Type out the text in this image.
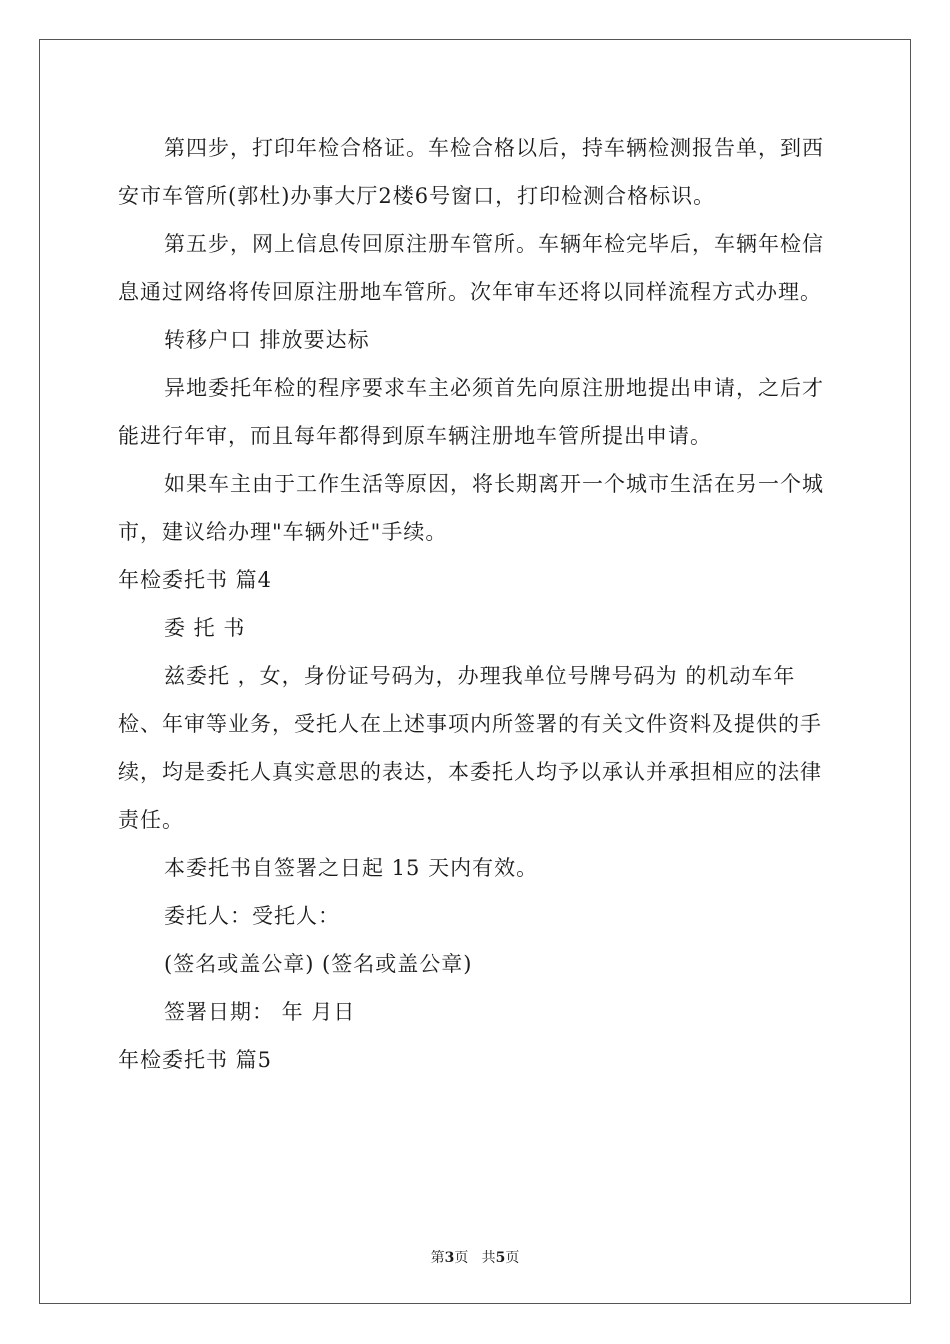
第四步，打印年检合格证。车检合格以后，持车辆检测报告单，到西安市车管所(郭杜)办事大厅2楼6号窗口，打印检测合格标识。

第五步，网上信息传回原注册车管所。车辆年检完毕后，车辆年检信息通过网络将传回原注册地车管所。次年审车还将以同样流程方式办理。

转移户口 排放要达标

异地委托年检的程序要求车主必须首先向原注册地提出申请，之后才能进行年审，而且每年都得到原车辆注册地车管所提出申请。

如果车主由于工作生活等原因，将长期离开一个城市生活在另一个城市，建议给办理"车辆外迁"手续。

年检委托书 篇4

委 托 书

兹委托 ，女，身份证号码为，办理我单位号牌号码为 的机动车年检、年审等业务，受托人在上述事项内所签署的有关文件资料及提供的手续，均是委托人真实意思的表达，本委托人均予以承认并承担相应的法律责任。

本委托书自签署之日起 15 天内有效。

委托人：受托人：

(签名或盖公章) (签名或盖公章)

签署日期： 年 月日

年检委托书 篇5

第3页   共5页
